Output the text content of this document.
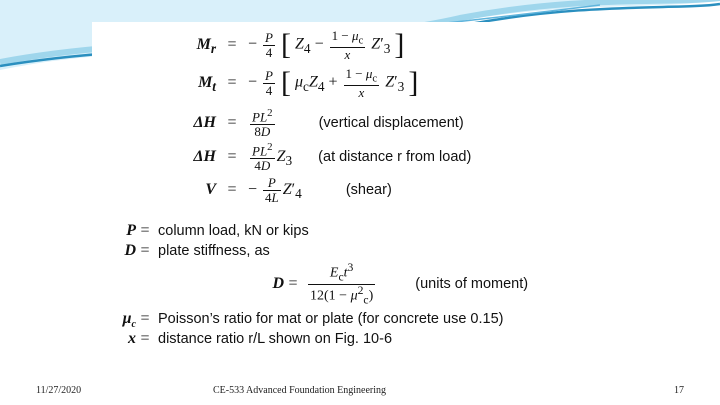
$M_r$ = − $\frac{P}{4}$ [ $Z_4 - \frac{1 - \mu_c}{x} Z'_3$ ]
$M_t$ = − $\frac{P}{4}$ [ $\mu_cZ_4 + \frac{1 - \mu_c}{x} Z'_3$ ]
$\Delta H = \frac{PL^2}{8D}$	(vertical displacement)
$\Delta H = \frac{PL^2}{4D} Z_3$ (at distance r from load)
V = − $\frac{P}{4L} Z'_4$	(shear)
P = column load, kN or kips
D = plate stiffness, as
$D = \frac{E_ct^3}{12(1 - \mu^2_c)}$	(units of moment)
$\mu_c$ = Poisson’s ratio for mat or plate (for concrete use 0.15)
x = distance ratio r/L shown on Fig. 10-6
11/27/2020	CE-533 Advanced Foundation Engineering	17
